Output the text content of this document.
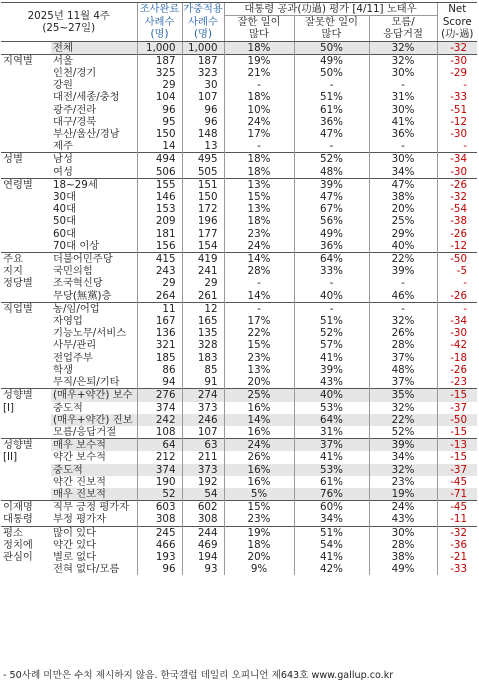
2025년 11월 4주
(25~27일)		조사완료	가중적용	대통령 공과(功過) 평가 [4/11] 노태우			Net
		사례수	사례수	잘한 일이	잘못한 일이	모름/	Score
		(명)	(명)	많다	많다	응답거절	(功-過)
	전체	1,000	1,000	18%	50%	32%	-32
지역별	서울	187	187	19%	49%	32%	-30
	인천/경기	325	323	21%	50%	30%	-29
	강원	29	30	-	-	-	-
	대전/세종/충청	104	107	18%	51%	31%	-33
	광주/전라	96	96	10%	61%	30%	-51
	대구/경북	95	96	24%	36%	41%	-12
	부산/울산/경남	150	148	17%	47%	36%	-30
	제주	14	13	-	-	-	-
성별	남성	494	495	18%	52%	30%	-34
	여성	506	505	18%	48%	34%	-30
연령별	18~29세	155	151	13%	39%	47%	-26
	30대	146	150	15%	47%	38%	-32
	40대	153	172	13%	67%	20%	-54
	50대	209	196	18%	56%	25%	-38
	60대	181	177	23%	49%	29%	-26
	70대 이상	156	154	24%	36%	40%	-12
주요	더불어민주당	415	419	14%	64%	22%	-50
지지	국민의힘	243	241	28%	33%	39%	-5
정당별	조국혁신당	29	29	-	-	-	-
	무당(無黨)층	264	261	14%	40%	46%	-26
직업별	농/임/어업	11	12	-	-	-	-
	자영업	167	165	17%	51%	32%	-34
	기능노무/서비스	136	135	22%	52%	26%	-30
	사무/관리	321	328	15%	57%	28%	-42
	전업주부	185	183	23%	41%	37%	-18
	학생	86	85	13%	39%	48%	-26
	무직/은퇴/기타	94	91	20%	43%	37%	-23
성향별	(매우+약간) 보수	276	274	25%	40%	35%	-15
[I]	중도적	374	373	16%	53%	32%	-37
	(매우+약간) 진보	242	246	14%	64%	22%	-50
	모름/응답거절	108	107	16%	31%	52%	-15
성향별	매우 보수적	64	63	24%	37%	39%	-13
[II]	약간 보수적	212	211	26%	41%	34%	-15
	중도적	374	373	16%	53%	32%	-37
	약간 진보적	190	192	16%	61%	23%	-45
	매우 진보적	52	54	5%	76%	19%	-71
이재명	직무 긍정 평가자	603	602	15%	60%	24%	-45
대통령	부정 평가자	308	308	23%	34%	43%	-11
평소	많이 있다	245	244	19%	51%	30%	-32
정치에	약간 있다	466	469	18%	54%	28%	-36
관심이	별로 없다	193	194	20%	41%	38%	-21
	전혀 없다/모름	96	93	9%	42%	49%	-33
- 50사례 미만은 수치 제시하지 않음. 한국갤럽 데일리 오피니언 제643호 www.gallup.co.kr
